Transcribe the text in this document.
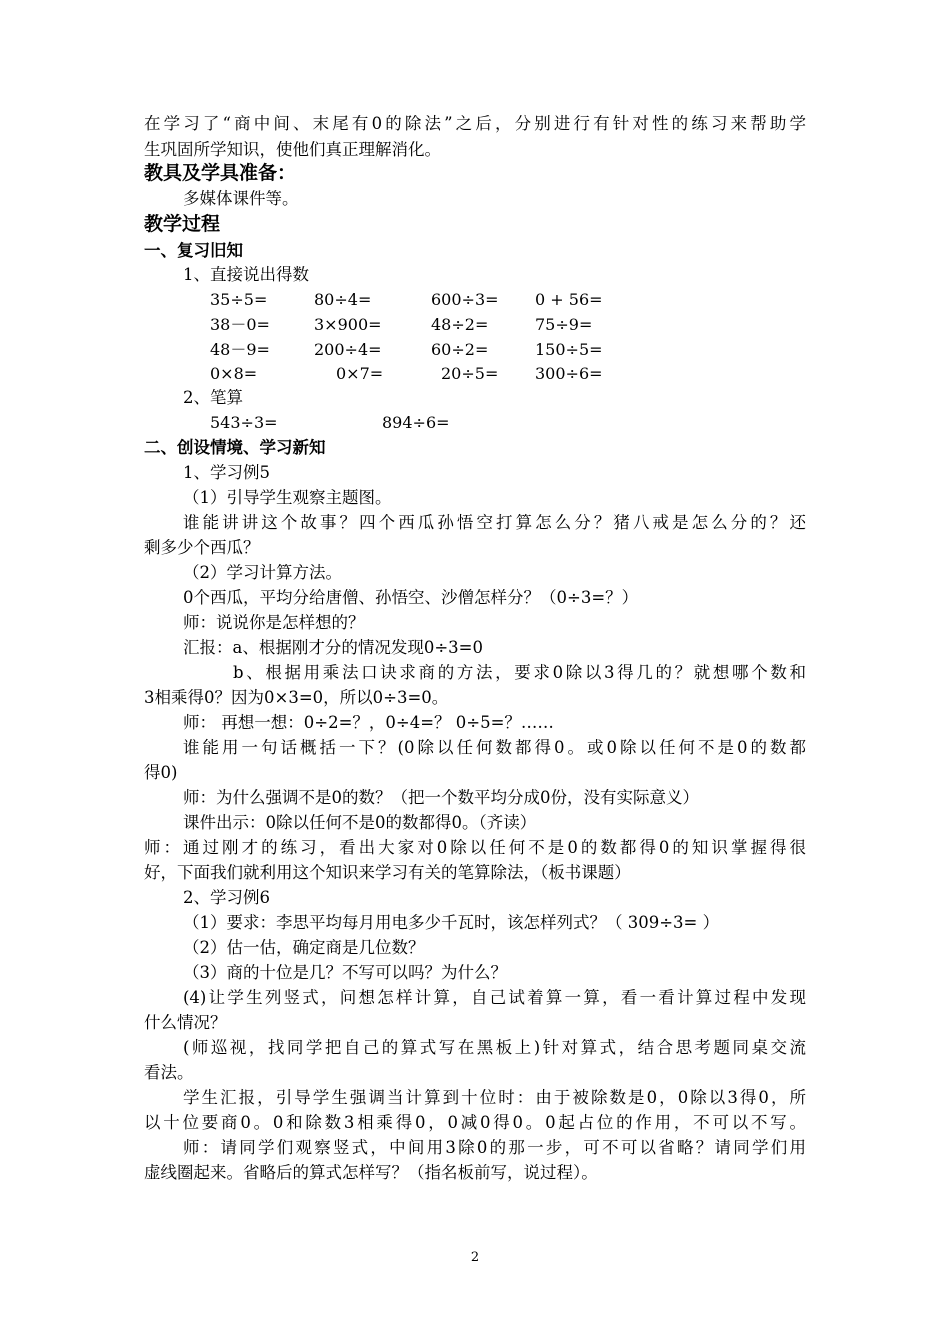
在学习了“商中间、末尾有0的除法”之后，分别进行有针对性的练习来帮助学
生巩固所学知识，使他们真正理解消化。
教具及学具准备：
多媒体课件等。
教学过程
一、复习旧知
1、直接说出得数
35÷5=	80÷4=	600÷3= 0 + 56=
38－0=	3×900=	48÷2=	75÷9=
48－9=	200÷4=	60÷2=	150÷5=
0×8=	0×7=	20÷5= 300÷6=
2、笔算
543÷3=	894÷6=
二、创设情境、学习新知
1、学习例5
（1）引导学生观察主题图。
谁能讲讲这个故事？四个西瓜孙悟空打算怎么分？猪八戒是怎么分的？还
剩多少个西瓜？
（2）学习计算方法。
0个西瓜，平均分给唐僧、孙悟空、沙僧怎样分？（0÷3=？）
师：说说你是怎样想的？
汇报：a、根据刚才分的情况发现0÷3=0
b、根据用乘法口诀求商的方法，要求0除以3得几的？就想哪个数和
3相乘得0？因为0×3=0，所以0÷3=0。
师： 再想一想：0÷2=？，0÷4=？ 0÷5=？……
谁能用一句话概括一下？(0除以任何数都得0。或0除以任何不是0的数都
得0)
师：为什么强调不是0的数？（把一个数平均分成0份，没有实际意义）
课件出示：0除以任何不是0的数都得0。（齐读）
师：通过刚才的练习，看出大家对0除以任何不是0的数都得0的知识掌握得很
好，下面我们就利用这个知识来学习有关的笔算除法，（板书课题）
2、学习例6
（1）要求：李思平均每月用电多少千瓦时，该怎样列式？（ 309÷3= ）
（2）估一估，确定商是几位数？
（3）商的十位是几？不写可以吗？为什么？
(4)让学生列竖式，问想怎样计算，自己试着算一算，看一看计算过程中发现
什么情况？
(师巡视，找同学把自己的算式写在黑板上)针对算式，结合思考题同桌交流
看法。
学生汇报，引导学生强调当计算到十位时：由于被除数是0，0除以3得0，所
以十位要商0。0和除数3相乘得0，0减0得0。0起占位的作用，不可以不写。
师：请同学们观察竖式，中间用3除0的那一步，可不可以省略？请同学们用
虚线圈起来。省略后的算式怎样写？（指名板前写，说过程）。
2
